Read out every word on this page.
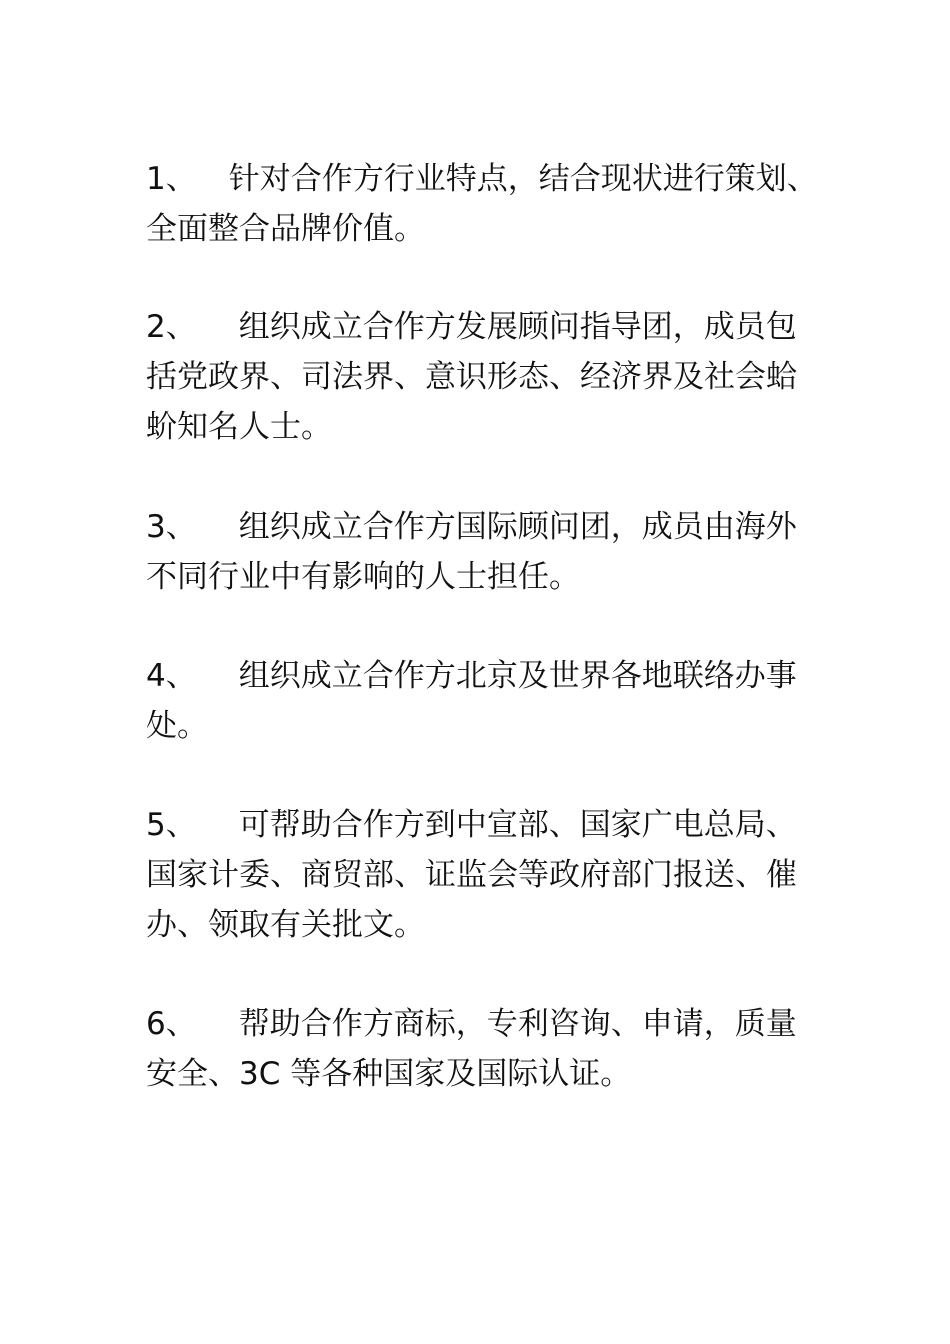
1、 针对合作方行业特点，结合现状进行策划、
全面整合品牌价值。
2、 组织成立合作方发展顾问指导团，成员包
括党政界、司法界、意识形态、经济界及社会蛤
蚧知名人士。
3、 组织成立合作方国际顾问团，成员由海外
不同行业中有影响的人士担任。
4、 组织成立合作方北京及世界各地联络办事
处。
5、 可帮助合作方到中宣部、国家广电总局、
国家计委、商贸部、证监会等政府部门报送、催
办、领取有关批文。
6、 帮助合作方商标，专利咨询、申请，质量
安全、3C 等各种国家及国际认证。
